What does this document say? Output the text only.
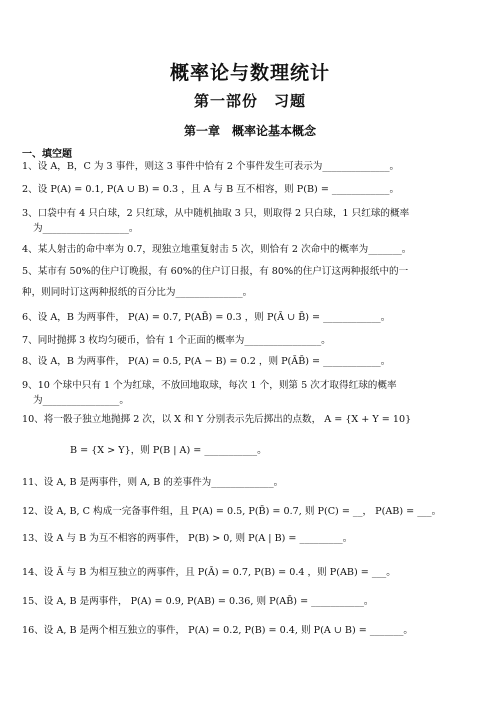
概率论与数理统计
第一部份　习题
第一章　概率论基本概念
一、填空题
1、设 A，B，C 为 3 事件，则这 3 事件中恰有 2 个事件发生可表示为______________。
2、设 P(A) = 0.1, P(A ∪ B) = 0.3 ，且 A 与 B 互不相容，则 P(B) = ____________。
3、口袋中有 4 只白球，2 只红球，从中随机抽取 3 只，则取得 2 只白球，1 只红球的概率
为__________________。
4、某人射击的命中率为 0.7，现独立地重复射击 5 次，则恰有 2 次命中的概率为_______。
5、某市有 50%的住户订晚报，有 60%的住户订日报，有 80%的住户订这两种报纸中的一
种，则同时订这两种报纸的百分比为______________。
6、设 A，B 为两事件， P(A) = 0.7, P(AB̄) = 0.3 ，则 P(Ā ∪ B̄) = ____________。
7、同时抛掷 3 枚均匀硬币，恰有 1 个正面的概率为________________。
8、设 A，B 为两事件， P(A) = 0.5, P(A − B) = 0.2 ，则 P(ĀB̄) = ____________。
9、10 个球中只有 1 个为红球，不放回地取球，每次 1 个，则第 5 次才取得红球的概率
为________________。
10、将一骰子独立地抛掷 2 次，以 X 和 Y 分别表示先后掷出的点数， A = {X + Y = 10}
B = {X > Y}，则 P(B | A) = ___________。
11、设 A, B 是两事件，则 A, B 的差事件为_____________。
12、设 A, B, C 构成一完备事件组，且 P(A) = 0.5, P(B̄) = 0.7, 则 P(C) = __， P(AB) = ___。
13、设 A 与 B 为互不相容的两事件， P(B) > 0, 则 P(A | B) = _________。
14、设 Ā 与 B 为相互独立的两事件，且 P(Ā) = 0.7, P(B) = 0.4 ，则 P(AB) = ___。
15、设 A, B 是两事件， P(A) = 0.9, P(AB) = 0.36, 则 P(AB̄) = ___________。
16、设 A, B 是两个相互独立的事件， P(A) = 0.2, P(B) = 0.4, 则 P(A ∪ B) = _______。
